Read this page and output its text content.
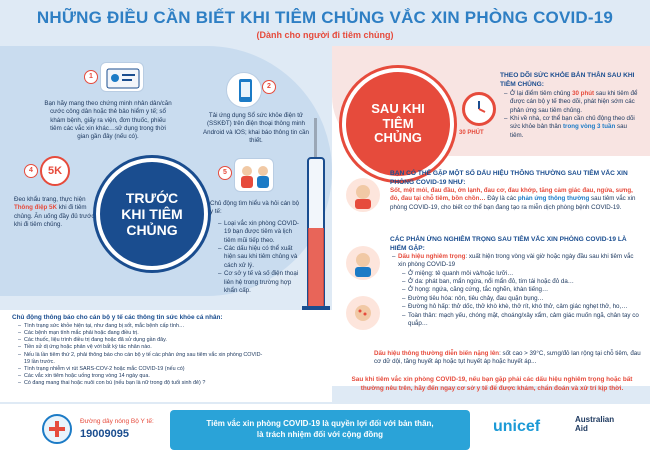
NHỮNG ĐIỀU CẦN BIẾT KHI TIÊM CHỦNG VẮC XIN PHÒNG COVID-19
(Dành cho người đi tiêm chủng)
1
Bạn hãy mang theo chứng minh nhân dân/căn cước công dân hoặc thẻ bảo hiểm y tế; sổ khám bệnh, giấy ra viện, đơn thuốc, phiếu tiêm các vắc xin khác…sử dụng trong thời gian gần đây (nếu có).
2
Tải ứng dụng Sổ sức khỏe điện tử (SSKĐT) trên điện thoại thông minh Android và IOS; khai báo thông tin cần thiết.
5K
4
Đeo khẩu trang, thực hiện Thông điệp 5K khi đi tiêm chủng. Ăn uống đầy đủ trước khi đi tiêm chủng.
TRƯỚC KHI TIÊM CHỦNG
5
Chủ động tìm hiểu và hỏi cán bộ y tế:
– Loại vắc xin phòng COVID-19 bạn được tiêm và lịch tiêm mũi tiếp theo.
– Các dấu hiệu có thể xuất hiện sau khi tiêm chủng và cách xử lý.
– Cơ sở y tế và số điện thoại liên hệ trong trường hợp khẩn cấp.
Chủ động thông báo cho cán bộ y tế các thông tin sức khỏe cá nhân:
– Tình trạng sức khỏe hiện tại, như đang bị sốt, mắc bệnh cấp tính…
– Các bệnh mạn tính mắc phải hoặc đang điều trị.
– Các thuốc, liệu trình điều trị đang hoặc đã sử dụng gần đây.
– Tiền sử dị ứng hoặc phản vệ với bất kỳ tác nhân nào.
– Nếu là lần tiêm thứ 2, phải thông báo cho cán bộ y tế các phản ứng sau tiêm vắc xin phòng COVID-19 lần trước.
– Tình trạng nhiễm vi rút SARS-COV-2 hoặc mắc COVID-19 (nếu có)
– Các vắc xin tiêm hoặc uống trong vòng 14 ngày qua.
– Có đang mang thai hoặc nuôi con bú (nếu bạn là nữ trong độ tuổi sinh đẻ) ?
SAU KHI TIÊM CHỦNG	30 PHÚT
THEO DÕI SỨC KHỎE BẢN THÂN SAU KHI TIÊM CHỦNG:
– Ở lại điểm tiêm chủng 30 phút sau khi tiêm để được cán bộ y tế theo dõi, phát hiện sớm các phản ứng sau tiêm chủng.
– Khi về nhà, cơ thể bạn cần chủ động theo dõi sức khỏe bản thân trong vòng 3 tuần sau tiêm.
BẠN CÓ THỂ GẶP MỘT SỐ DẤU HIỆU THÔNG THƯỜNG SAU TIÊM VẮC XIN PHÒNG COVID-19 NHƯ:
Sốt, mệt mỏi, đau đầu, ớn lạnh, đau cơ, đau khớp, tăng cảm giác đau, ngứa, sưng, đỏ, đau tại chỗ tiêm, bồn chồn… Đây là các phản ứng thông thường sau tiêm vắc xin phòng COVID-19, cho biết cơ thể bạn đang tạo ra miễn dịch phòng bệnh COVID-19.
CÁC PHẢN ỨNG NGHIÊM TRỌNG SAU TIÊM VẮC XIN PHÒNG COVID-19 LÀ HIẾM GẶP:
– Dấu hiệu nghiêm trọng: xuất hiện trong vòng vài giờ hoặc ngày đầu sau khi tiêm vắc xin phòng COVID-19
– Ở miệng: tê quanh môi và/hoặc lưỡi…
– Ở da: phát ban, mẩn ngứa, nổi mẩn đỏ, tím tái hoặc đỏ da…
– Ở họng: ngứa, căng cứng, tắc nghẽn, khàn tiếng…
– Đường tiêu hóa: nôn, tiêu chảy, đau quặn bụng…
– Đường hô hấp: thở dốc, thở khò khè, thở rít, khó thở, cảm giác nghẹt thở, ho,…
– Toàn thân: mạch yếu, chóng mặt, choáng/xây xẩm, cảm giác muốn ngã, chân tay co quắp…
Dấu hiệu thông thường diễn biến nặng lên: sốt cao > 39°C, sưng/đỏ lan rộng tại chỗ tiêm, đau cơ dữ dội, tăng huyết áp hoặc tụt huyết áp hoặc huyết áp...
Sau khi tiêm vắc xin phòng COVID-19, nếu bạn gặp phải các dấu hiệu nghiêm trọng hoặc bất thường nêu trên, hãy đến ngay cơ sở y tế để được khám, chẩn đoán và xử trí kịp thời.
Đường dây nóng Bộ Y tế:
19009095
Tiêm vắc xin phòng COVID-19 là quyền lợi đối với bản thân,
là trách nhiệm đối với cộng đồng	unicef	Australian
Aid
